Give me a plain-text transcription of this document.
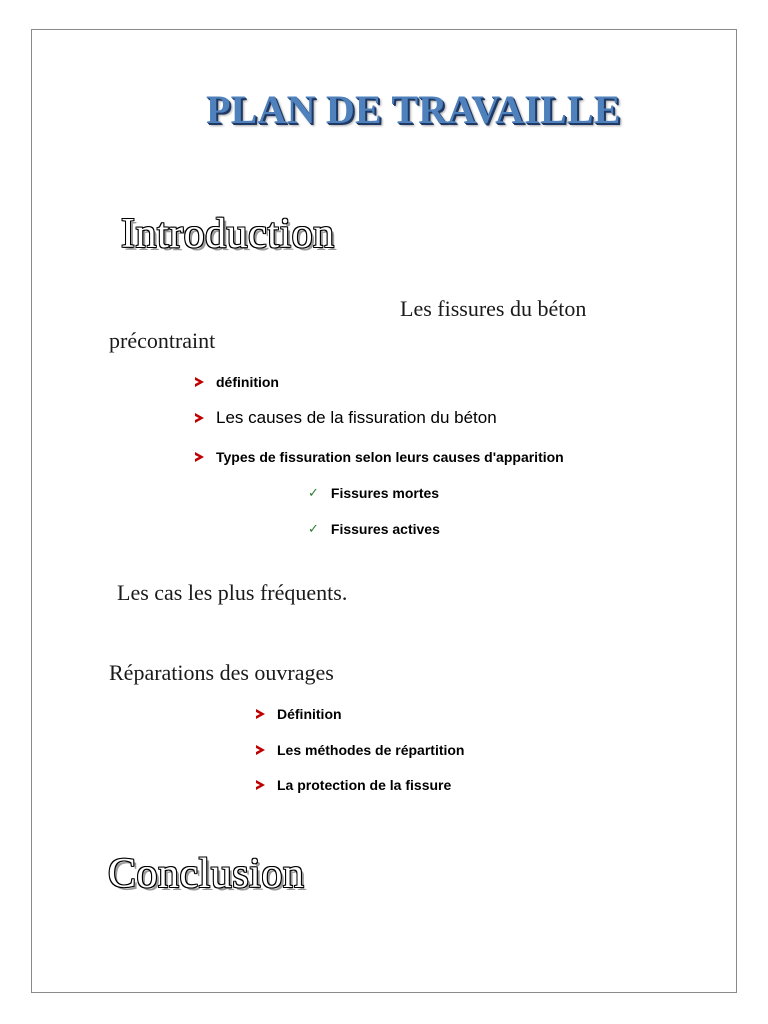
PLAN DE TRAVAILLE
Introduction
Les fissures du béton
précontraint
définition
Les causes de la fissuration du béton
Types de fissuration selon leurs causes d'apparition
✓ Fissures mortes
✓ Fissures actives
Les cas les plus fréquents.
Réparations des ouvrages
Définition
Les méthodes de répartition
La protection de la fissure
Conclusion
